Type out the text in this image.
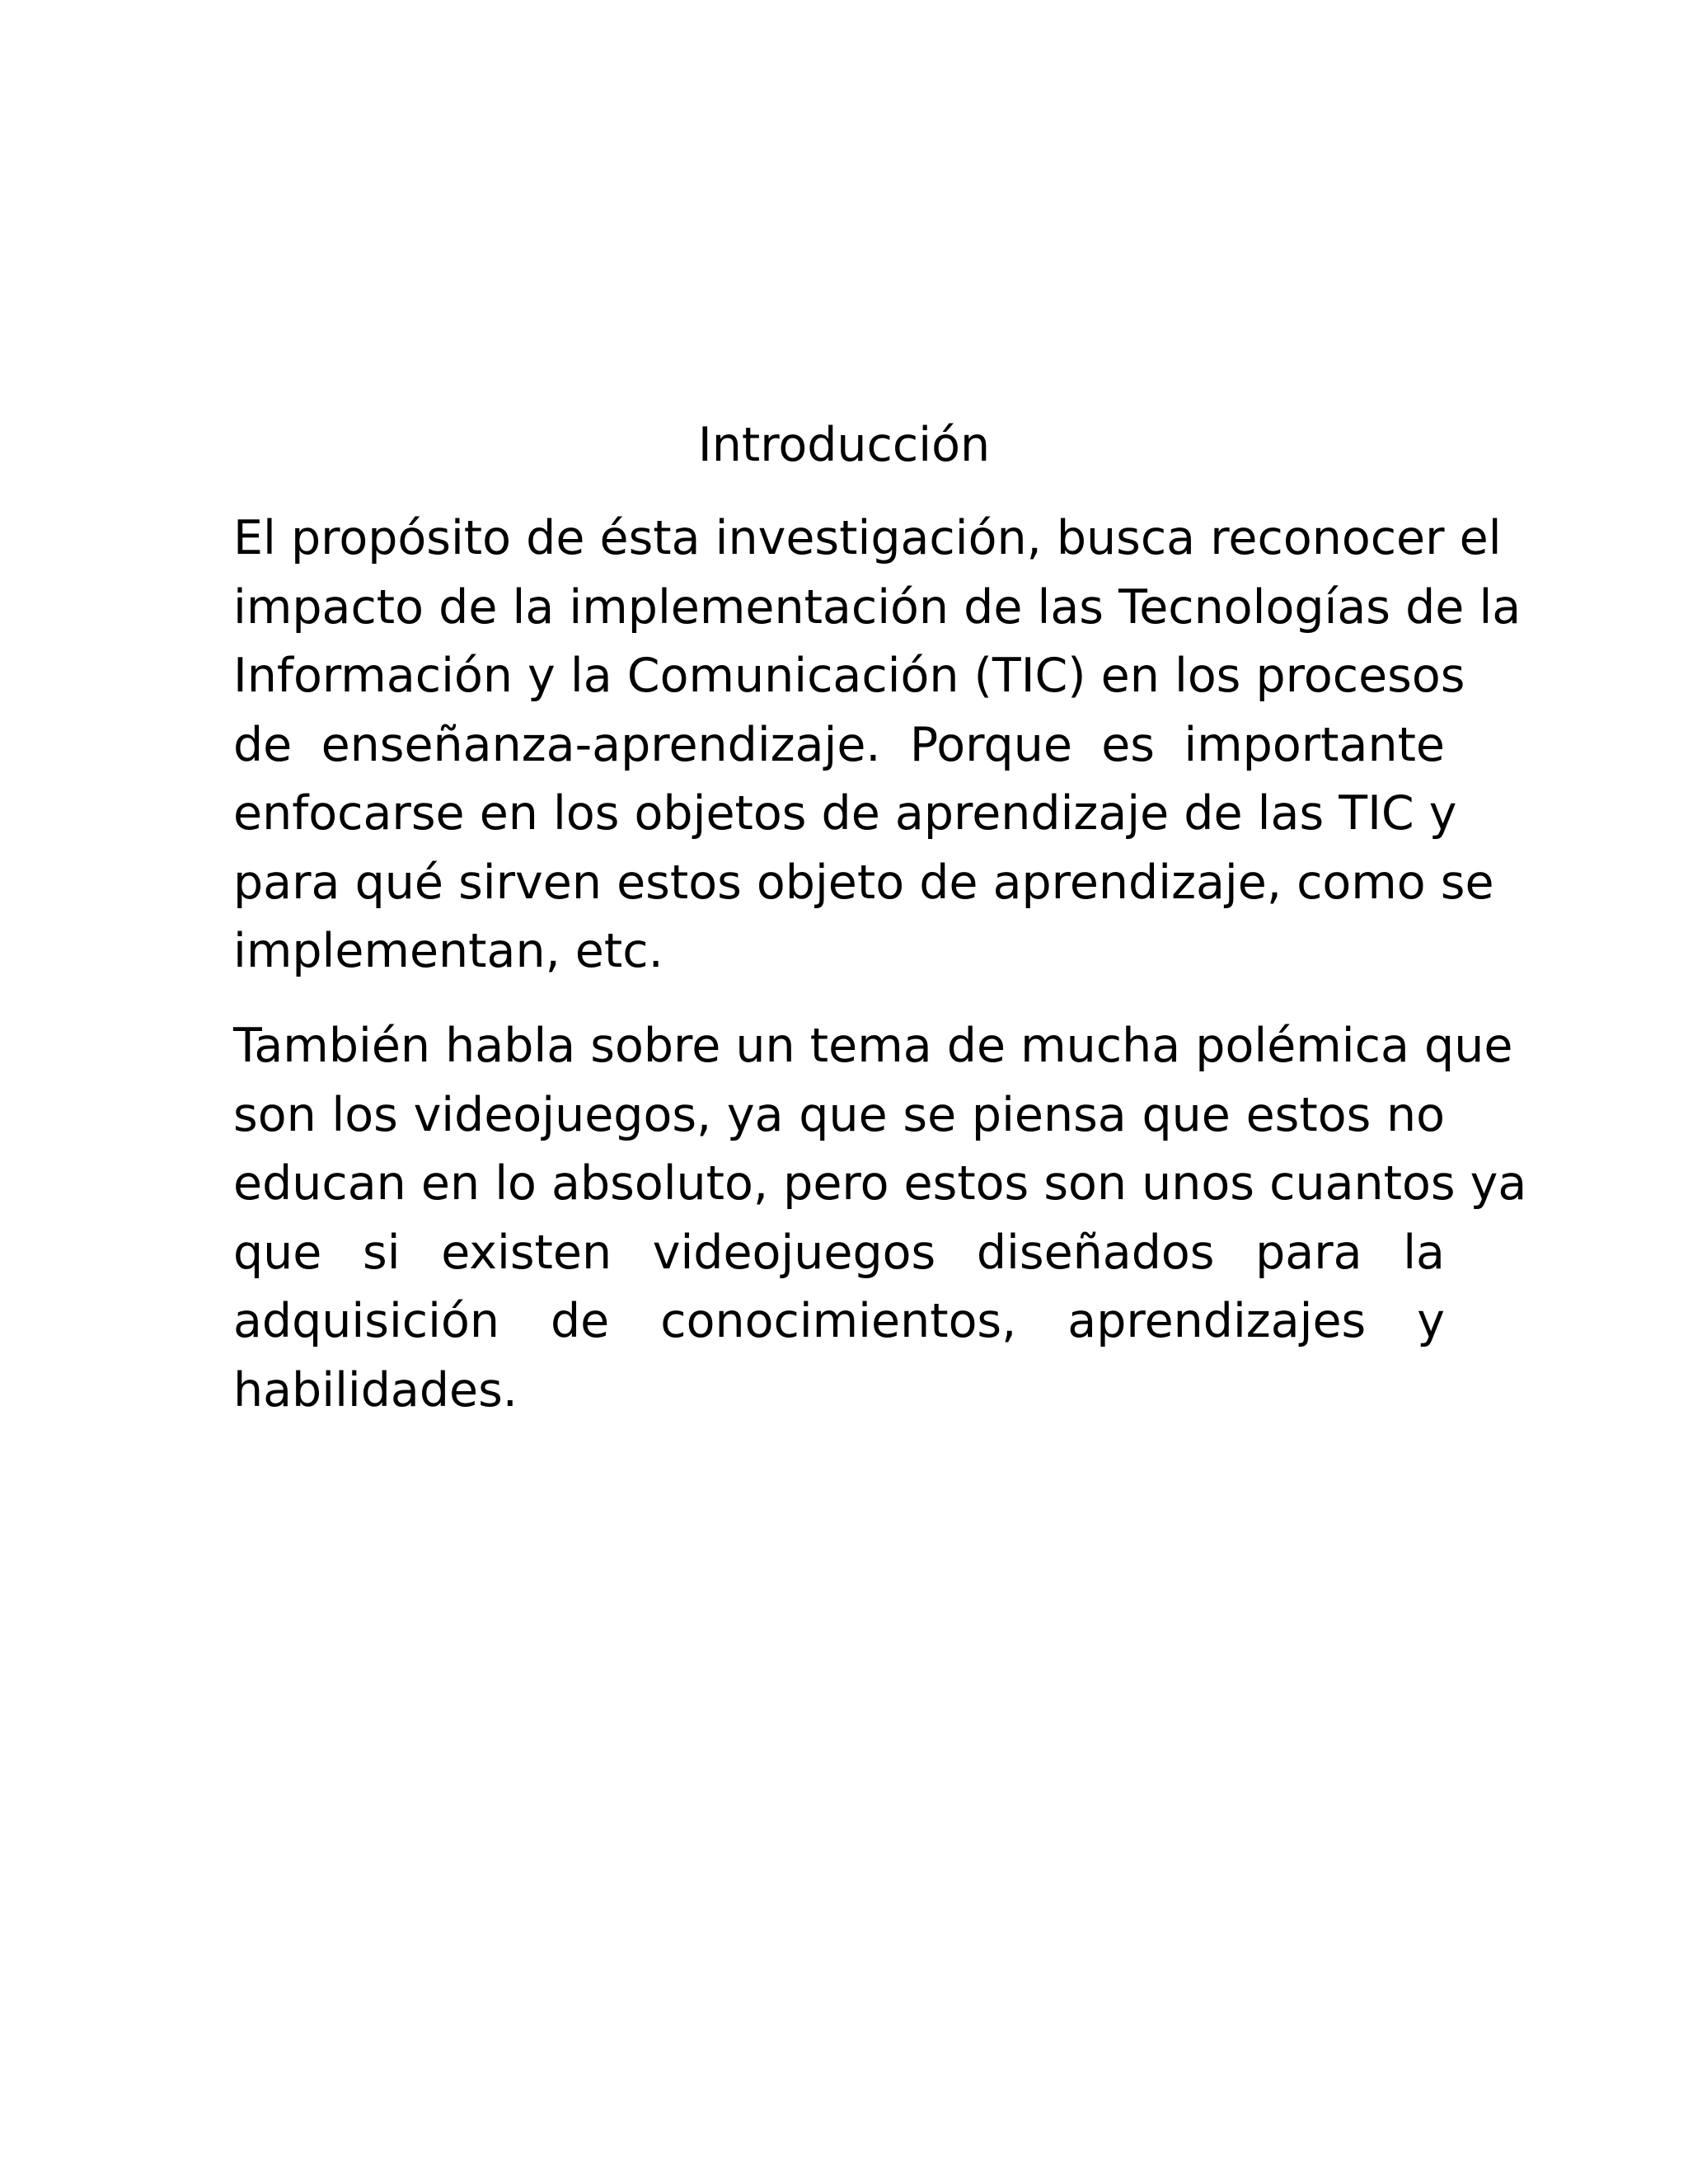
Introducción
El propósito de ésta investigación, busca reconocer el
impacto de la implementación de las Tecnologías de la
Información y la Comunicación (TIC) en los procesos
de enseñanza-aprendizaje. Porque es importante
enfocarse en los objetos de aprendizaje de las TIC y
para qué sirven estos objeto de aprendizaje, como se
implementan, etc.
También habla sobre un tema de mucha polémica que
son los videojuegos, ya que se piensa que estos no
educan en lo absoluto, pero estos son unos cuantos ya
que si existen videojuegos diseñados para la
adquisición de conocimientos, aprendizajes y
habilidades.
